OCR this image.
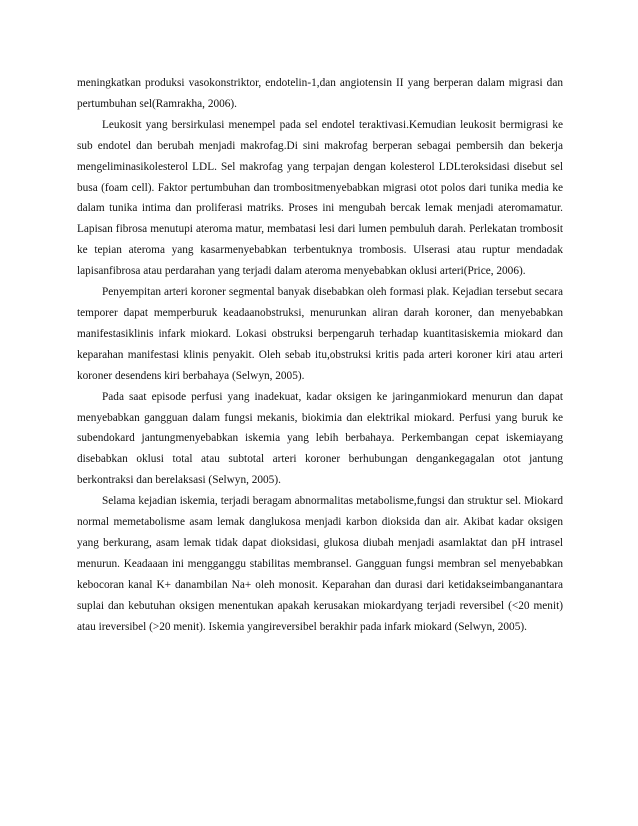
meningkatkan produksi vasokonstriktor, endotelin-1,dan angiotensin II yang berperan dalam migrasi dan pertumbuhan sel(Ramrakha, 2006).

Leukosit yang bersirkulasi menempel pada sel endotel teraktivasi.Kemudian leukosit bermigrasi ke sub endotel dan berubah menjadi makrofag.Di sini makrofag berperan sebagai pembersih dan bekerja mengeliminasikolesterol LDL. Sel makrofag yang terpajan dengan kolesterol LDLteroksidasi disebut sel busa (foam cell). Faktor pertumbuhan dan trombositmenyebabkan migrasi otot polos dari tunika media ke dalam tunika intima dan proliferasi matriks. Proses ini mengubah bercak lemak menjadi ateromamatur. Lapisan fibrosa menutupi ateroma matur, membatasi lesi dari lumen pembuluh darah. Perlekatan trombosit ke tepian ateroma yang kasarmenyebabkan terbentuknya trombosis. Ulserasi atau ruptur mendadak lapisanfibrosa atau perdarahan yang terjadi dalam ateroma menyebabkan oklusi arteri(Price, 2006).

Penyempitan arteri koroner segmental banyak disebabkan oleh formasi plak. Kejadian tersebut secara temporer dapat memperburuk keadaanobstruksi, menurunkan aliran darah koroner, dan menyebabkan manifestasiklinis infark miokard. Lokasi obstruksi berpengaruh terhadap kuantitasiskemia miokard dan keparahan manifestasi klinis penyakit. Oleh sebab itu,obstruksi kritis pada arteri koroner kiri atau arteri koroner desendens kiri berbahaya (Selwyn, 2005).

Pada saat episode perfusi yang inadekuat, kadar oksigen ke jaringanmiokard menurun dan dapat menyebabkan gangguan dalam fungsi mekanis, biokimia dan elektrikal miokard. Perfusi yang buruk ke subendokard jantungmenyebabkan iskemia yang lebih berbahaya. Perkembangan cepat iskemiayang disebabkan oklusi total atau subtotal arteri koroner berhubungan dengankegagalan otot jantung berkontraksi dan berelaksasi (Selwyn, 2005).

Selama kejadian iskemia, terjadi beragam abnormalitas metabolisme,fungsi dan struktur sel. Miokard normal memetabolisme asam lemak danglukosa menjadi karbon dioksida dan air. Akibat kadar oksigen yang berkurang, asam lemak tidak dapat dioksidasi, glukosa diubah menjadi asamlaktat dan pH intrasel menurun. Keadaaan ini mengganggu stabilitas membransel. Gangguan fungsi membran sel menyebabkan kebocoran kanal K+ danambilan Na+ oleh monosit. Keparahan dan durasi dari ketidakseimbanganantara suplai dan kebutuhan oksigen menentukan apakah kerusakan miokardyang terjadi reversibel (<20 menit) atau ireversibel (>20 menit). Iskemia yangireversibel berakhir pada infark miokard (Selwyn, 2005).
